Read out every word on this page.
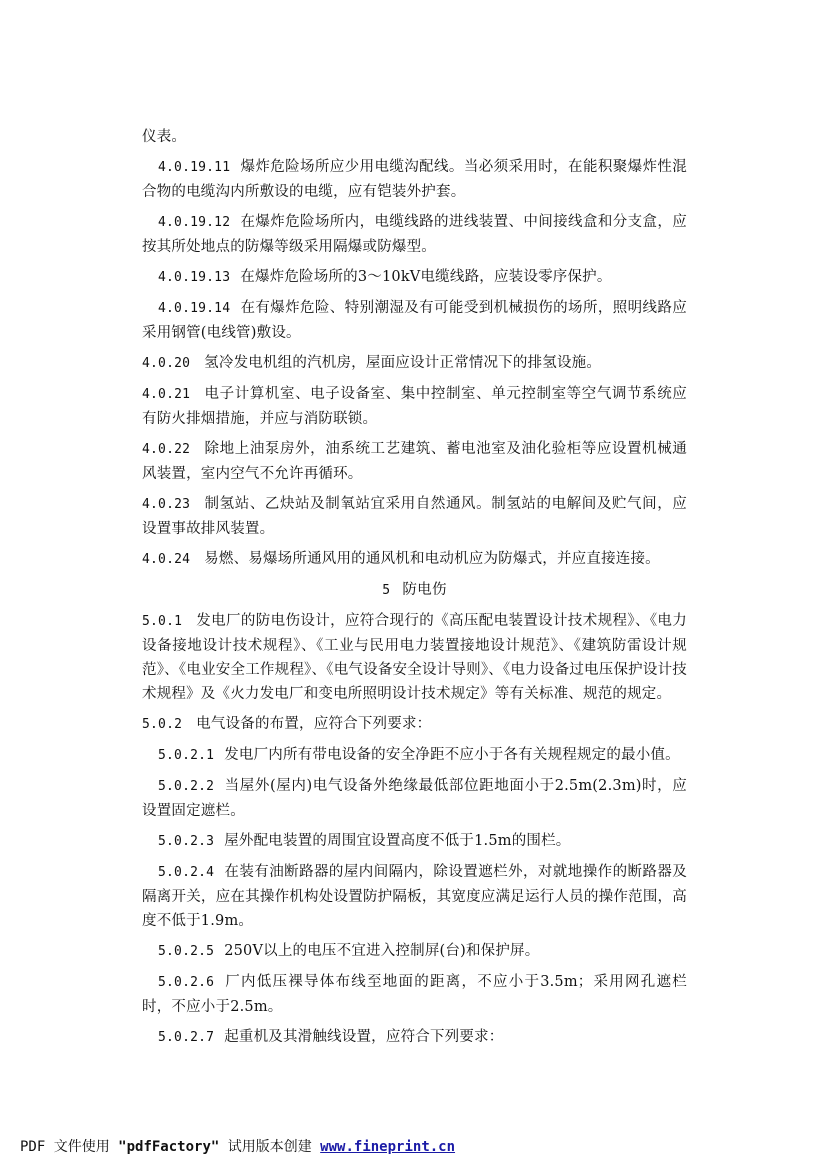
仪表。

4.0.19.11 爆炸危险场所应少用电缆沟配线。当必须采用时，在能积聚爆炸性混合物的电缆沟内所敷设的电缆，应有铠装外护套。

4.0.19.12 在爆炸危险场所内，电缆线路的进线装置、中间接线盒和分支盒，应按其所处地点的防爆等级采用隔爆或防爆型。

4.0.19.13 在爆炸危险场所的3～10kV电缆线路，应装设零序保护。

4.0.19.14 在有爆炸危险、特别潮湿及有可能受到机械损伤的场所，照明线路应采用钢管(电线管)敷设。

4.0.20 氢冷发电机组的汽机房，屋面应设计正常情况下的排氢设施。

4.0.21 电子计算机室、电子设备室、集中控制室、单元控制室等空气调节系统应有防火排烟措施，并应与消防联锁。

4.0.22 除地上油泵房外，油系统工艺建筑、蓄电池室及油化验柜等应设置机械通风装置，室内空气不允许再循环。

4.0.23 制氢站、乙炔站及制氧站宜采用自然通风。制氢站的电解间及贮气间，应设置事故排风装置。

4.0.24 易燃、易爆场所通风用的通风机和电动机应为防爆式，并应直接连接。

5 防电伤

5.0.1 发电厂的防电伤设计，应符合现行的《高压配电装置设计技术规程》、《电力设备接地设计技术规程》、《工业与民用电力装置接地设计规范》、《建筑防雷设计规范》、《电业安全工作规程》、《电气设备安全设计导则》、《电力设备过电压保护设计技术规程》及《火力发电厂和变电所照明设计技术规定》等有关标准、规范的规定。

5.0.2 电气设备的布置，应符合下列要求：

5.0.2.1 发电厂内所有带电设备的安全净距不应小于各有关规程规定的最小值。

5.0.2.2 当屋外(屋内)电气设备外绝缘最低部位距地面小于2.5m(2.3m)时，应设置固定遮栏。

5.0.2.3 屋外配电装置的周围宜设置高度不低于1.5m的围栏。

5.0.2.4 在装有油断路器的屋内间隔内，除设置遮栏外，对就地操作的断路器及隔离开关，应在其操作机构处设置防护隔板，其宽度应满足运行人员的操作范围，高度不低于1.9m。

5.0.2.5 250V以上的电压不宜进入控制屏(台)和保护屏。

5.0.2.6 厂内低压裸导体布线至地面的距离，不应小于3.5m；采用网孔遮栏时，不应小于2.5m。

5.0.2.7 起重机及其滑触线设置，应符合下列要求：

PDF 文件使用 "pdfFactory" 试用版本创建 www.fineprint.cn
